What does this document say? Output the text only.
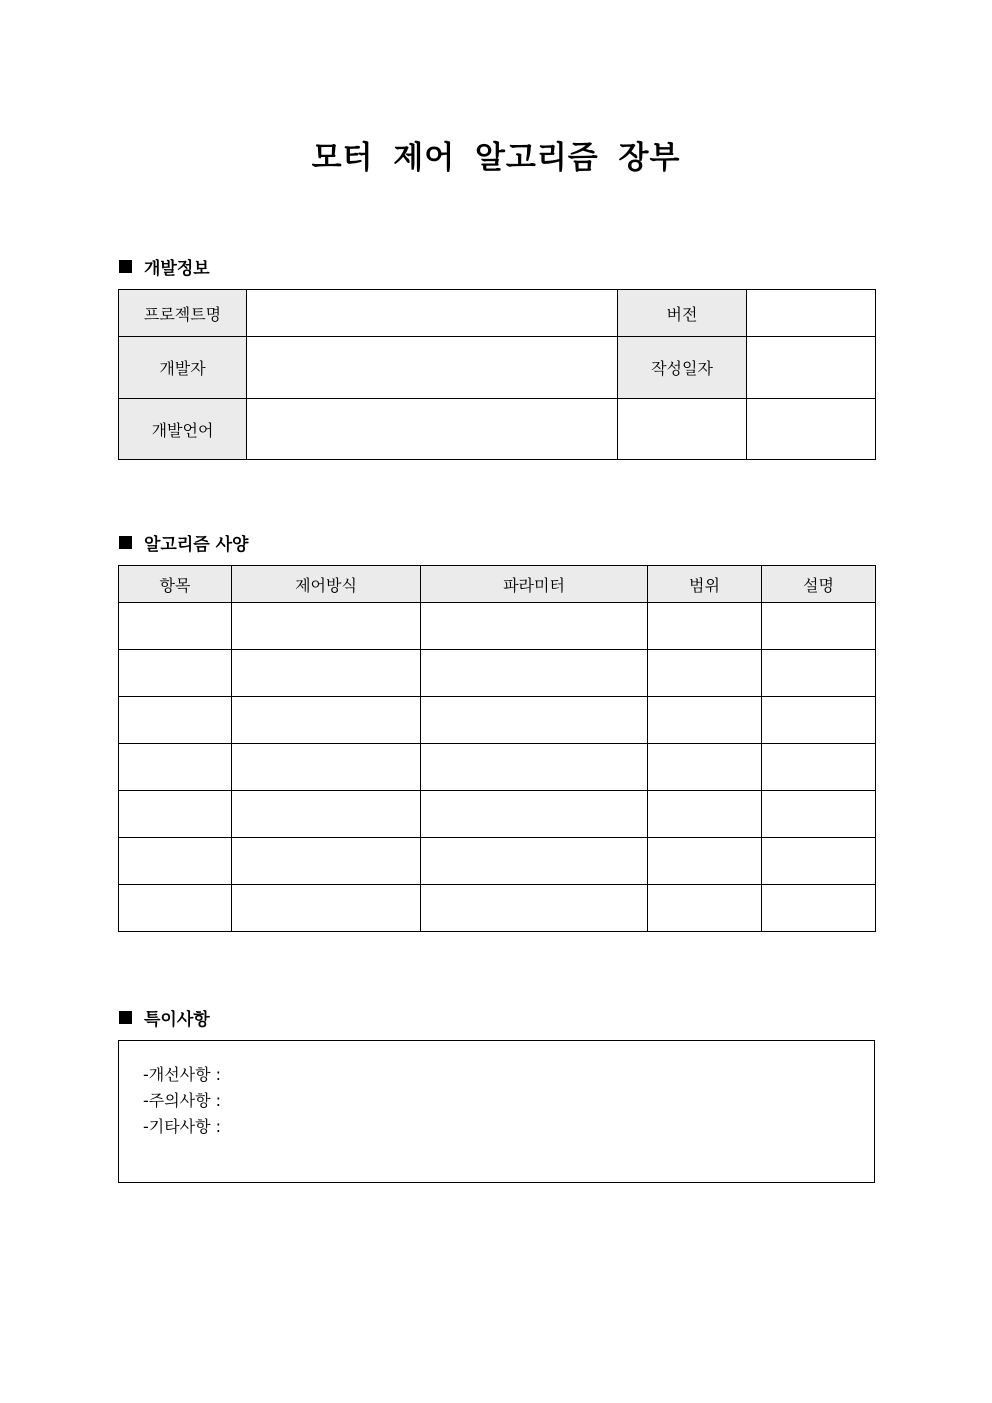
모터 제어 알고리즘 장부
개발정보
프로젝트명		버전	
개발자		작성일자	
개발언어			
알고리즘 사양
항목	제어방식	파라미터	범위	설명

특이사항
-개선사항 :
-주의사항 :
-기타사항 :
